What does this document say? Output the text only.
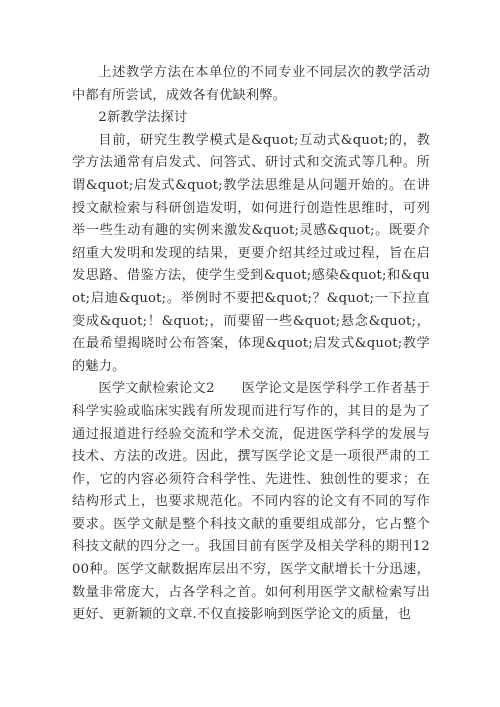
上述教学方法在本单位的不同专业不同层次的教学活动中都有所尝试，成效各有优缺利弊。

2新教学法探讨

目前，研究生教学模式是&quot;互动式&quot;的，教学方法通常有启发式、问答式、研讨式和交流式等几种。所谓&quot;启发式&quot;教学法思维是从问题开始的。在讲授文献检索与科研创造发明，如何进行创造性思维时，可列举一些生动有趣的实例来激发&quot;灵感&quot;。既要介绍重大发明和发现的结果，更要介绍其经过或过程，旨在启发思路、借鉴方法，使学生受到&quot;感染&quot;和&quot;启迪&quot;。举例时不要把&quot;？&quot;一下拉直变成&quot;！&quot;，而要留一些&quot;悬念&quot;，在最希望揭晓时公布答案，体现&quot;启发式&quot;教学的魅力。

医学文献检索论文2　　医学论文是医学科学工作者基于科学实验或临床实践有所发现而进行写作的，其目的是为了通过报道进行经验交流和学术交流，促进医学科学的发展与技术、方法的改进。因此，撰写医学论文是一项很严肃的工作，它的内容必须符合科学性、先进性、独创性的要求；在结构形式上，也要求规范化。不同内容的论文有不同的写作要求。医学文献是整个科技文献的重要组成部分，它占整个科技文献的四分之一。我国目前有医学及相关学科的期刊1200种。医学文献数据库层出不穷，医学文献增长十分迅速，数量非常庞大，占各学科之首。如何利用医学文献检索写出更好、更新颖的文章.不仅直接影响到医学论文的质量，也
